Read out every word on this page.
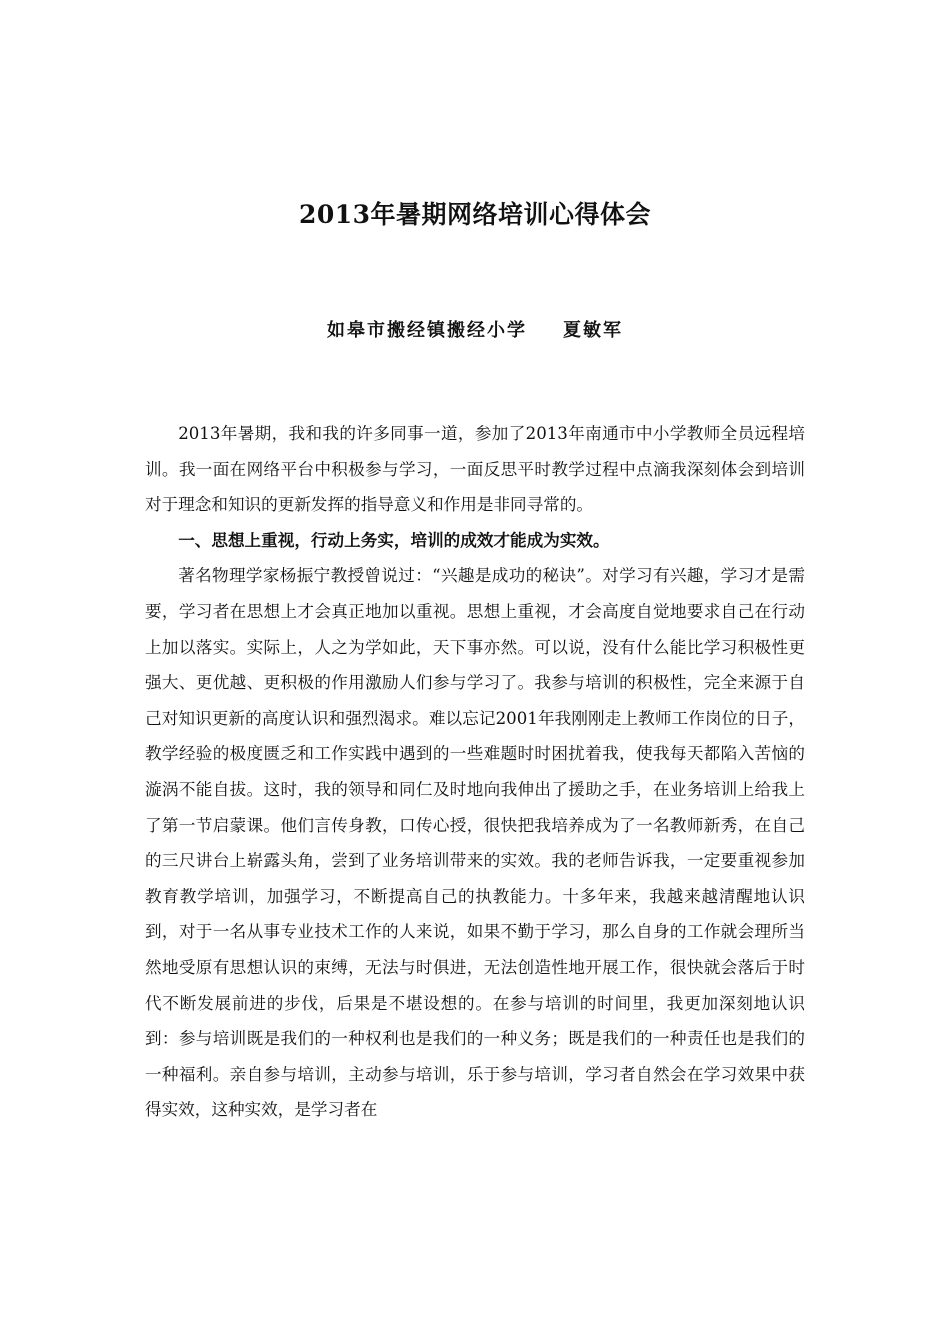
2013年暑期网络培训心得体会
如皋市搬经镇搬经小学 夏敏军

2013年暑期，我和我的许多同事一道，参加了2013年南通市中小学教师全员远程培训。我一面在网络平台中积极参与学习，一面反思平时教学过程中点滴我深刻体会到培训对于理念和知识的更新发挥的指导意义和作用是非同寻常的。

一、思想上重视，行动上务实，培训的成效才能成为实效。

著名物理学家杨振宁教授曾说过：“兴趣是成功的秘诀”。对学习有兴趣，学习才是需要，学习者在思想上才会真正地加以重视。思想上重视，才会高度自觉地要求自己在行动上加以落实。实际上，人之为学如此，天下事亦然。可以说，没有什么能比学习积极性更强大、更优越、更积极的作用激励人们参与学习了。我参与培训的积极性，完全来源于自己对知识更新的高度认识和强烈渴求。难以忘记2001年我刚刚走上教师工作岗位的日子，教学经验的极度匮乏和工作实践中遇到的一些难题时时困扰着我，使我每天都陷入苦恼的漩涡不能自拔。这时，我的领导和同仁及时地向我伸出了援助之手，在业务培训上给我上了第一节启蒙课。他们言传身教，口传心授，很快把我培养成为了一名教师新秀，在自己的三尺讲台上崭露头角，尝到了业务培训带来的实效。我的老师告诉我，一定要重视参加教育教学培训，加强学习，不断提高自己的执教能力。十多年来，我越来越清醒地认识到，对于一名从事专业技术工作的人来说，如果不勤于学习，那么自身的工作就会理所当然地受原有思想认识的束缚，无法与时俱进，无法创造性地开展工作，很快就会落后于时代不断发展前进的步伐，后果是不堪设想的。在参与培训的时间里，我更加深刻地认识到：参与培训既是我们的一种权利也是我们的一种义务；既是我们的一种责任也是我们的一种福利。亲自参与培训，主动参与培训，乐于参与培训，学习者自然会在学习效果中获得实效，这种实效，是学习者在
